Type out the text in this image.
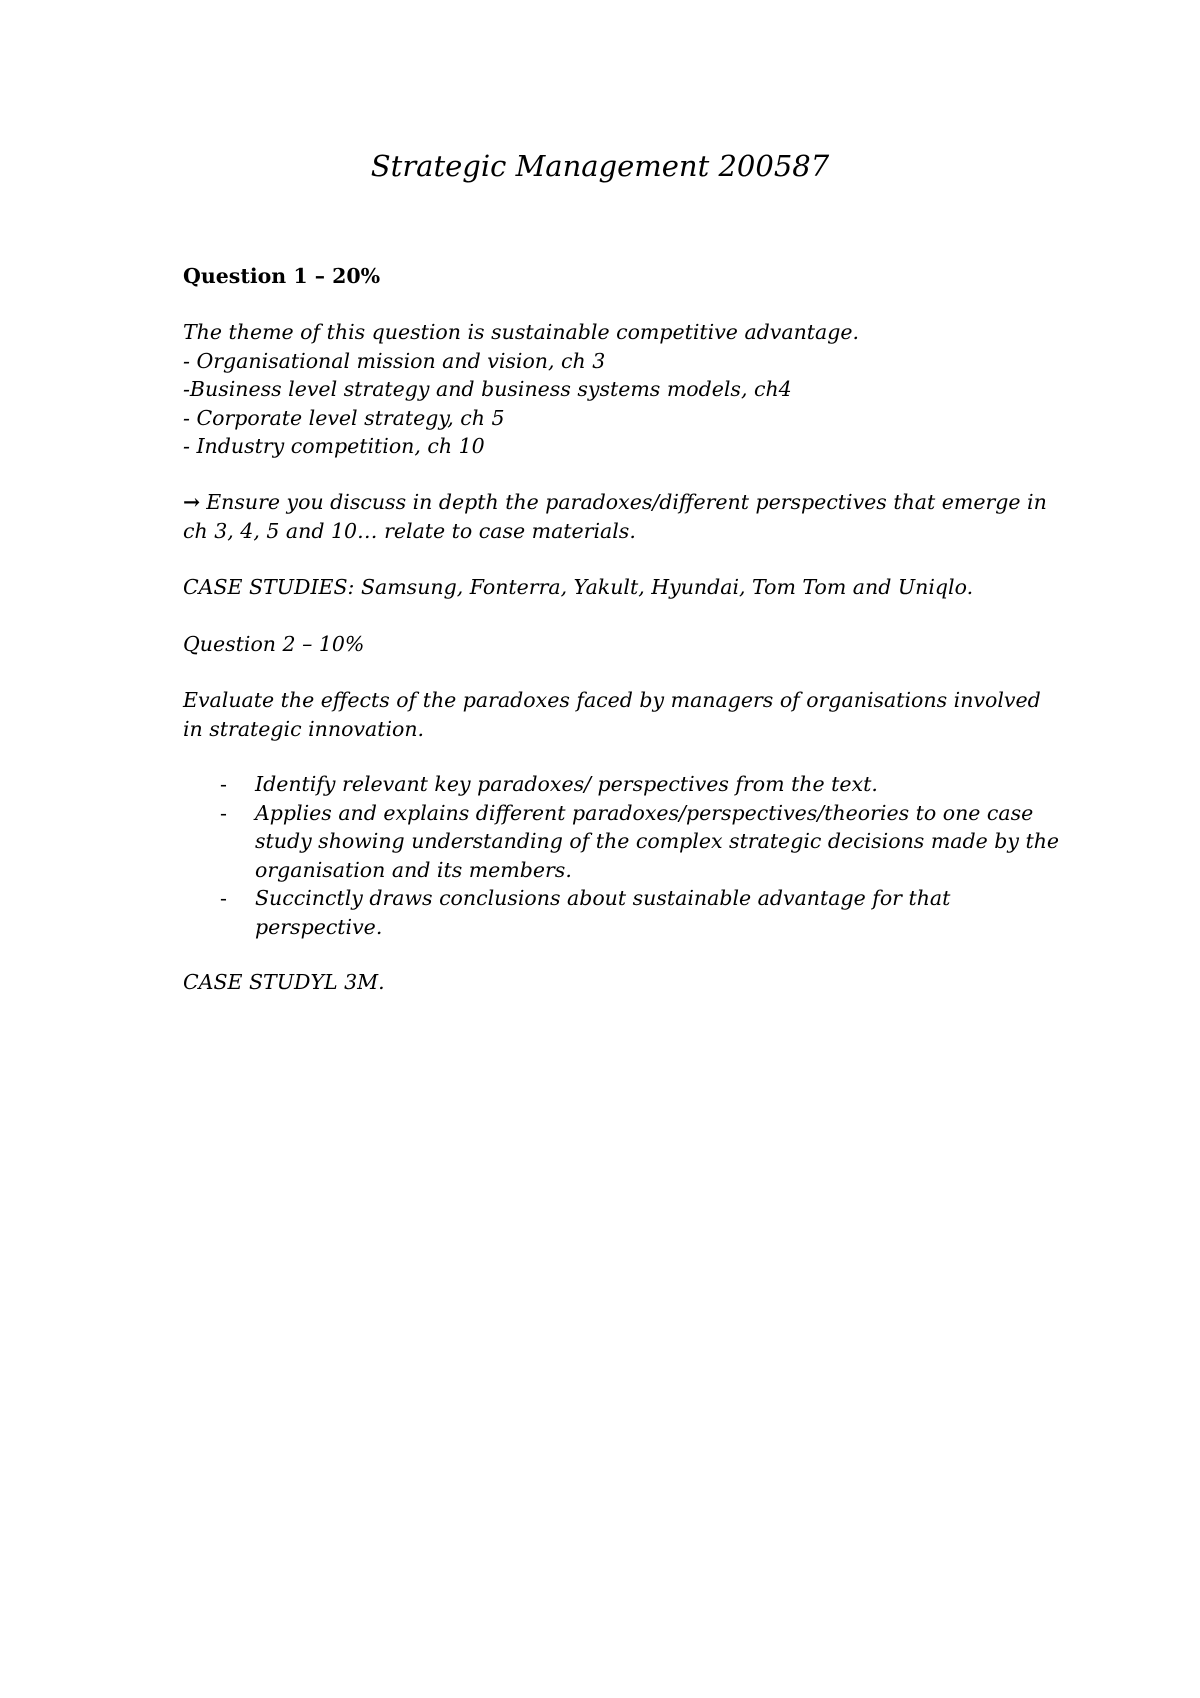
Strategic Management 200587

Question 1 – 20%

The theme of this question is sustainable competitive advantage.
- Organisational mission and vision, ch 3
-Business level strategy and business systems models, ch4
- Corporate level strategy, ch 5
- Industry competition, ch 10

→ Ensure you discuss in depth the paradoxes/different perspectives that emerge in ch 3, 4, 5 and 10… relate to case materials.

CASE STUDIES: Samsung, Fonterra, Yakult, Hyundai, Tom Tom and Uniqlo.

Question 2 – 10%

Evaluate the effects of the paradoxes faced by managers of organisations involved in strategic innovation.

- Identify relevant key paradoxes/ perspectives from the text.
- Applies and explains different paradoxes/perspectives/theories to one case study showing understanding of the complex strategic decisions made by the organisation and its members.
- Succinctly draws conclusions about sustainable advantage for that perspective.

CASE STUDYL 3M.
